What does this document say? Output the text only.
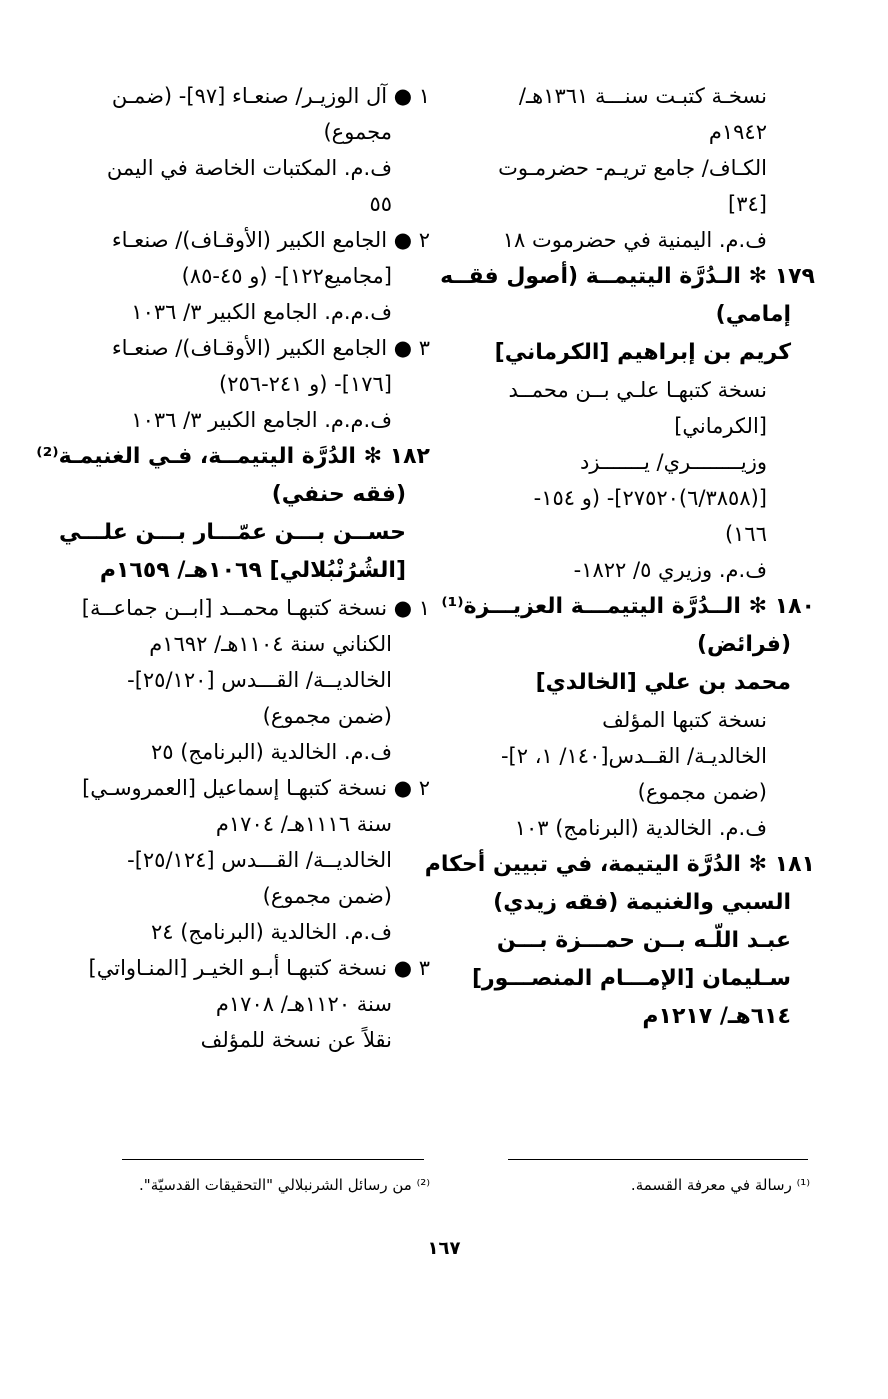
نسخـة كتبـت سنـــة ١٣٦١هـ/
١٩٤٢م
الكـاف/ جامع تريـم- حضرمـوت
[٣٤]
ف.م. اليمنية في حضرموت ١٨
١٧٩ ✻ الـدُرَّة اليتيمــة (أصول فقــه
إمامي)
كريم بن إبراهيم [الكرماني]
نسخة كتبهـا علـي بــن محمــد
[الكرماني]
وزيــــــــري/ يـــــــزد
[(٦/٣٨٥٨)٢٧٥٢٠]- (و ١٥٤-
١٦٦)
ف.م. وزيري ٥/ ١٨٢٢-
١٨٠ ✻ الــدُرَّة اليتيمـــة العزيـــزة⁽¹⁾
(فرائض)
محمد بن علي [الخالدي]
نسخة كتبها المؤلف
الخالديـة/ القــدس[١٤٠/ ١، ٢]-
(ضمن مجموع)
ف.م. الخالدية (البرنامج) ١٠٣
١٨١ ✻ الدُرَّة اليتيمة، في تبيين أحكام
السبي والغنيمة (فقه زيدي)
عبـد اللّـه بــن حمـــزة بـــن
سـليمان [الإمـــام المنصـــور]
٦١٤هـ/ ١٢١٧م
١ ● آل الوزيـر/ صنعـاء [٩٧]- (ضمـن
مجموع)
ف.م. المكتبات الخاصة في اليمن
٥٥
٢ ● الجامع الكبير (الأوقـاف)/ صنعـاء
[مجاميع١٢٢]- (و ٤٥-٨٥)
ف.م.م. الجامع الكبير ٣/ ١٠٣٦
٣ ● الجامع الكبير (الأوقـاف)/ صنعـاء
[١٧٦]- (و ٢٤١-٢٥٦)
ف.م.م. الجامع الكبير ٣/ ١٠٣٦
١٨٢ ✻ الدُرَّة اليتيمــة، فـي الغنيمـة⁽²⁾
(فقه حنفي)
حســن بـــن عمّـــار بـــن علـــي
[الشُرُنْبُلالي] ١٠٦٩هـ/ ١٦٥٩م
١ ● نسخة كتبهـا محمــد [ابــن جماعــة]
الكناني سنة ١١٠٤هـ/ ١٦٩٢م
الخالديــة/ القـــدس [٢٥/١٢٠]-
(ضمن مجموع)
ف.م. الخالدية (البرنامج) ٢٥
٢ ● نسخة كتبهـا إسماعيل [العمروسـي]
سنة ١١١٦هـ/ ١٧٠٤م
الخالديــة/ القـــدس [٢٥/١٢٤]-
(ضمن مجموع)
ف.م. الخالدية (البرنامج) ٢٤
٣ ● نسخة كتبهـا أبـو الخيـر [المنـاواتي]
سنة ١١٢٠هـ/ ١٧٠٨م
نقلاً عن نسخة للمؤلف
⁽¹⁾ رسالة في معرفة القسمة.
⁽²⁾ من رسائل الشرنبلالي "التحقيقات القدسيّة".
١٦٧
